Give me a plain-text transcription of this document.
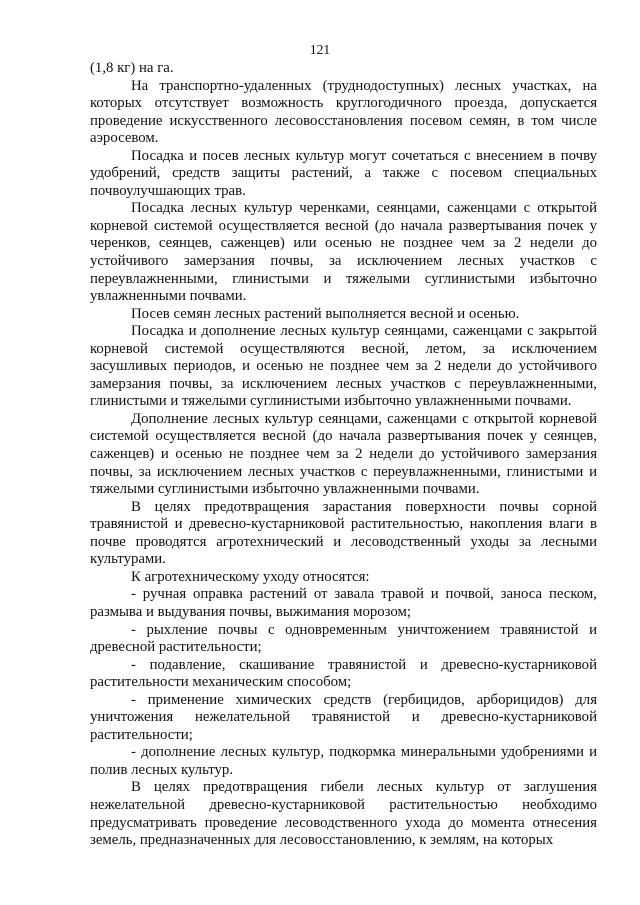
121

(1,8 кг) на га.

На транспортно-удаленных (труднодоступных) лесных участках, на которых отсутствует возможность круглогодичного проезда, допускается проведение искусственного лесовосстановления посевом семян, в том числе аэросевом.

Посадка и посев лесных культур могут сочетаться с внесением в почву удобрений, средств защиты растений, а также с посевом специальных почвоулучшающих трав.

Посадка лесных культур черенками, сеянцами, саженцами с открытой корневой системой осуществляется весной (до начала развертывания почек у черенков, сеянцев, саженцев) или осенью не позднее чем за 2 недели до устойчивого замерзания почвы, за исключением лесных участков с переувлажненными, глинистыми и тяжелыми суглинистыми избыточно увлажненными почвами.

Посев семян лесных растений выполняется весной и осенью.

Посадка и дополнение лесных культур сеянцами, саженцами с закрытой корневой системой осуществляются весной, летом, за исключением засушливых периодов, и осенью не позднее чем за 2 недели до устойчивого замерзания почвы, за исключением лесных участков с переувлажненными, глинистыми и тяжелыми суглинистыми избыточно увлажненными почвами.

Дополнение лесных культур сеянцами, саженцами с открытой корневой системой осуществляется весной (до начала развертывания почек у сеянцев, саженцев) и осенью не позднее чем за 2 недели до устойчивого замерзания почвы, за исключением лесных участков с переувлажненными, глинистыми и тяжелыми суглинистыми избыточно увлажненными почвами.

В целях предотвращения зарастания поверхности почвы сорной травянистой и древесно-кустарниковой растительностью, накопления влаги в почве проводятся агротехнический и лесоводственный уходы за лесными культурами.

К агротехническому уходу относятся:

- ручная оправка растений от завала травой и почвой, заноса песком, размыва и выдувания почвы, выжимания морозом;

- рыхление почвы с одновременным уничтожением травянистой и древесной растительности;

- подавление, скашивание травянистой и древесно-кустарниковой растительности механическим способом;

- применение химических средств (гербицидов, арборицидов) для уничтожения нежелательной травянистой и древесно-кустарниковой растительности;

- дополнение лесных культур, подкормка минеральными удобрениями и полив лесных культур.

В целях предотвращения гибели лесных культур от заглушения нежелательной древесно-кустарниковой растительностью необходимо предусматривать проведение лесоводственного ухода до момента отнесения земель, предназначенных для лесовосстановлению, к землям, на которых
